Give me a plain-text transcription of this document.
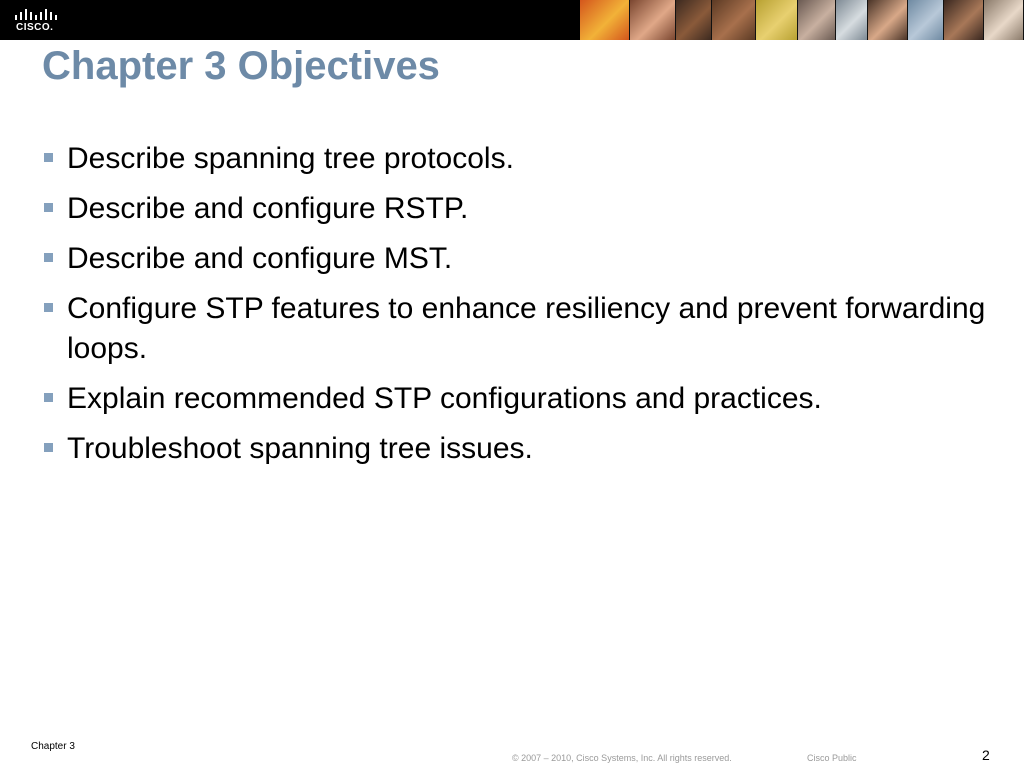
CISCO.
Chapter 3 Objectives
Describe spanning tree protocols.
Describe and configure RSTP.
Describe and configure MST.
Configure STP features to enhance resiliency and prevent forwarding loops.
Explain recommended STP configurations and practices.
Troubleshoot spanning tree issues.
Chapter 3
© 2007 – 2010, Cisco Systems, Inc. All rights reserved.	Cisco Public	2
